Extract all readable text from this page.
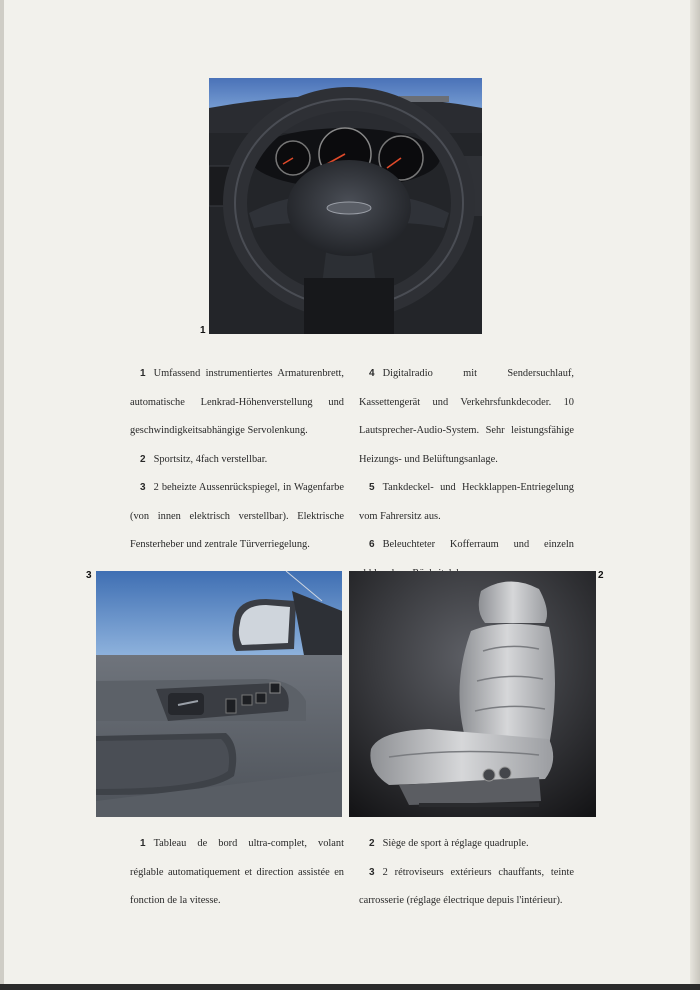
1

1 Umfassend instrumentiertes Armaturenbrett, automatische Lenkrad-Höhenverstellung und geschwindigkeitsabhängige Servolenkung.

2 Sportsitz, 4fach verstellbar.

3 2 beheizte Aussenrückspiegel, in Wagenfarbe (von innen elektrisch verstellbar). Elektrische Fensterheber und zentrale Türverriegelung.

4 Digitalradio mit Sendersuchlauf, Kassettengerät und Verkehrsfunkdecoder. 10 Lautsprecher-Audio-System. Sehr leistungsfähige Heizungs- und Belüftungsanlage.

5 Tankdeckel- und Heckklappen-Entriegelung vom Fahrersitz aus.

6 Beleuchteter Kofferraum und einzeln

3	2

1 Tableau de bord ultra-complet, volant réglable automatiquement et direction assistée en fonction de la vitesse.

2 Siège de sport à réglage quadruple.

3 2 rétroviseurs extérieurs chauffants, teinte carrosserie (réglage électrique depuis l'intérieur).
